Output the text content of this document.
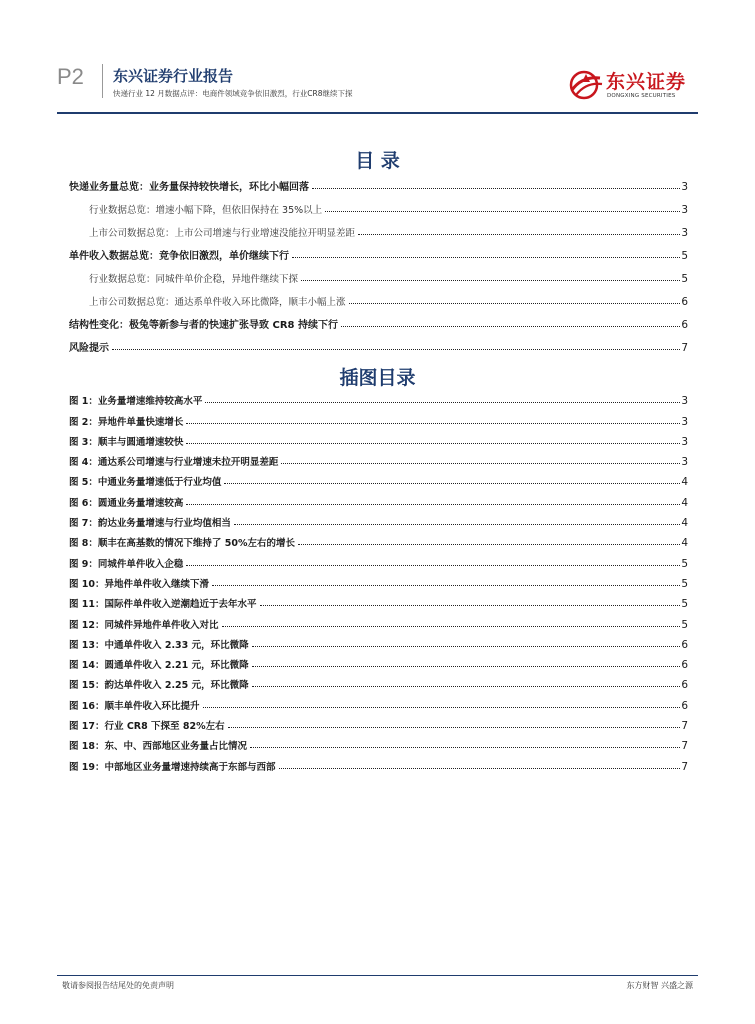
P2 东兴证券行业报告
快递行业 12 月数据点评：电商件领域竞争依旧激烈，行业CR8继续下探
东兴证券
DONGXING SECURITIES
目 录
快递业务量总览：业务量保持较快增长，环比小幅回落	3
行业数据总览：增速小幅下降，但依旧保持在 35%以上	3
上市公司数据总览：上市公司增速与行业增速没能拉开明显差距	3
单件收入数据总览：竞争依旧激烈，单价继续下行	5
行业数据总览：同城件单价企稳，异地件继续下探	5
上市公司数据总览：通达系单件收入环比微降，顺丰小幅上涨	6
结构性变化：极兔等新参与者的快速扩张导致 CR8 持续下行	6
风险提示	7
插图目录
图 1：业务量增速维持较高水平	3
图 2：异地件单量快速增长	3
图 3：顺丰与圆通增速较快	3
图 4：通达系公司增速与行业增速未拉开明显差距	3
图 5：中通业务量增速低于行业均值	4
图 6：圆通业务量增速较高	4
图 7：韵达业务量增速与行业均值相当	4
图 8：顺丰在高基数的情况下维持了 50%左右的增长	4
图 9：同城件单件收入企稳	5
图 10：异地件单件收入继续下滑	5
图 11：国际件单件收入逆潮趋近于去年水平	5
图 12：同城件异地件单件收入对比	5
图 13：中通单件收入 2.33 元，环比微降	6
图 14：圆通单件收入 2.21 元，环比微降	6
图 15：韵达单件收入 2.25 元，环比微降	6
图 16：顺丰单件收入环比提升	6
图 17：行业 CR8 下探至 82%左右	7
图 18：东、中、西部地区业务量占比情况	7
图 19：中部地区业务量增速持续高于东部与西部	7
敬请参阅报告结尾处的免责声明	东方财智 兴盛之源
